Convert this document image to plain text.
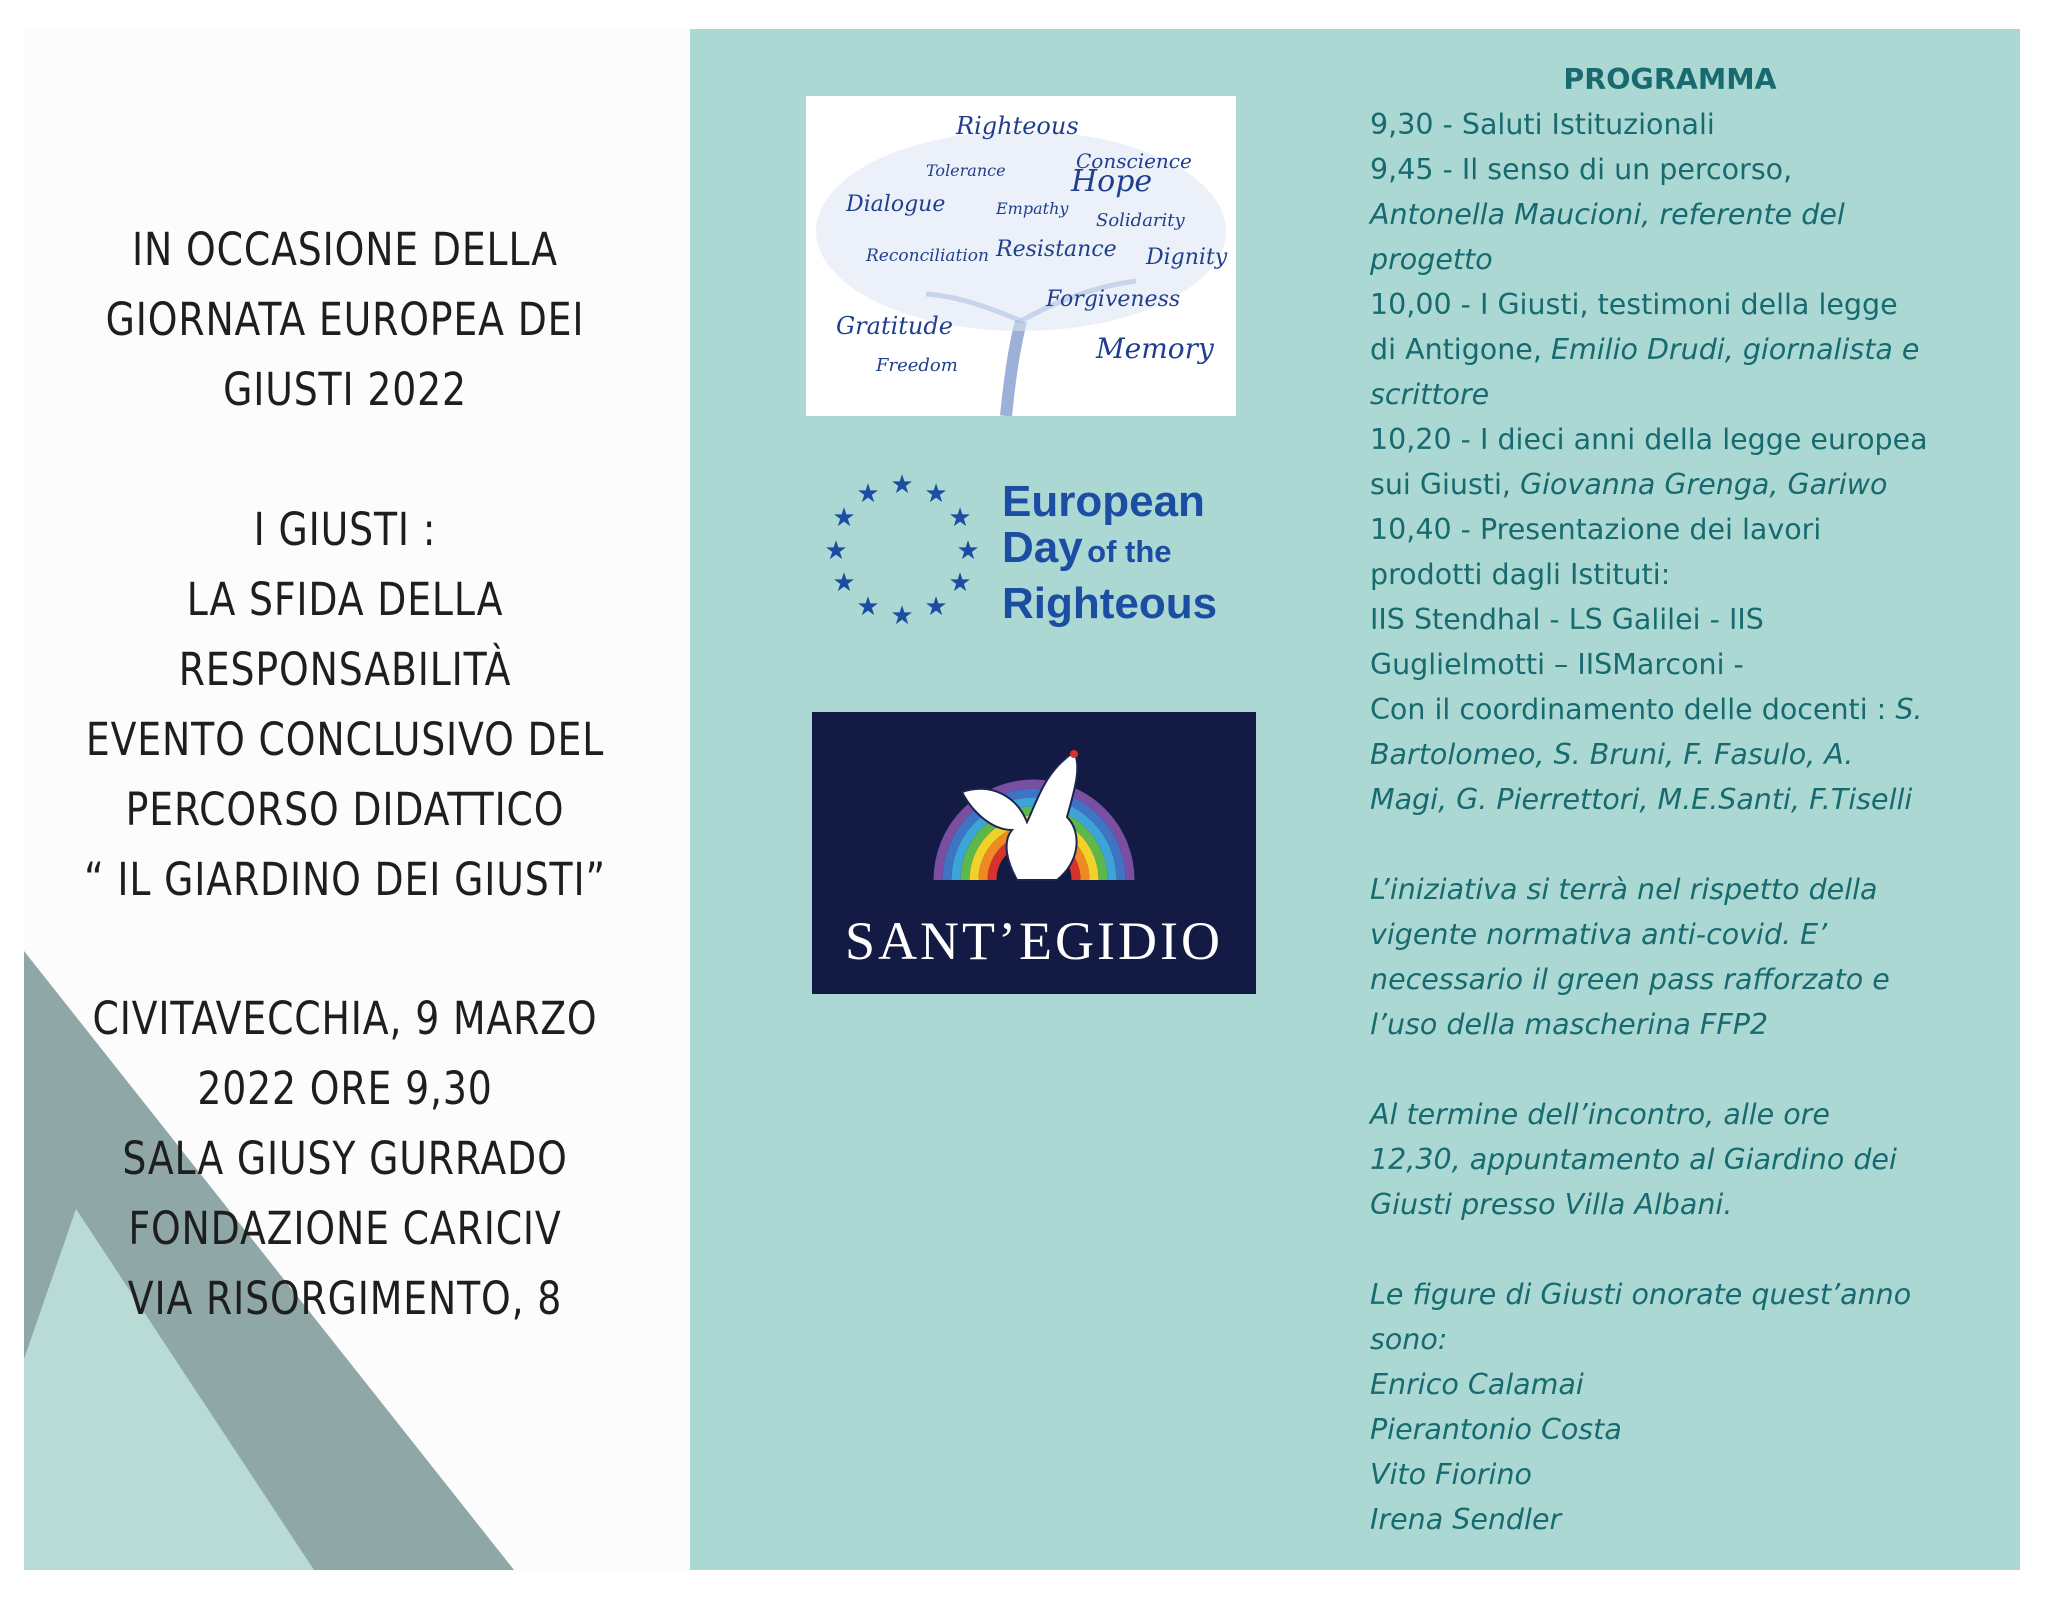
IN OCCASIONE DELLA
GIORNATA EUROPEA DEI
GIUSTI 2022
I GIUSTI :
LA SFIDA DELLA
RESPONSABILITÀ
EVENTO CONCLUSIVO DEL
PERCORSO DIDATTICO
“ IL GIARDINO DEI GIUSTI”
CIVITAVECCHIA, 9 MARZO
2022 ORE 9,30
SALA GIUSY GURRADO
FONDAZIONE CARICIV
VIA RISORGIMENTO, 8
Righteous
Hope
Dialogue
Conscience
Solidarity
Dignity
Resistance
Forgiveness
Memory
Gratitude
Freedom
Tolerance
Empathy
Reconciliation
★ ★
★
★
★
★
★
★
★
★
★
★	European
Day of the
Righteous
SANT’EGIDIO
PROGRAMMA
9,30 - Saluti Istituzionali
9,45 - Il senso di un percorso,
Antonella Maucioni, referente del
progetto
10,00 - I Giusti, testimoni della legge
di Antigone, Emilio Drudi, giornalista e
scrittore
10,20 - I dieci anni della legge europea
sui Giusti, Giovanna Grenga, Gariwo
10,40 - Presentazione dei lavori
prodotti dagli Istituti:
IIS Stendhal - LS Galilei - IIS
Guglielmotti – IISMarconi -
Con il coordinamento delle docenti : S.
Bartolomeo, S. Bruni, F. Fasulo, A.
Magi, G. Pierrettori, M.E.Santi, F.Tiselli
L’iniziativa si terrà nel rispetto della
vigente normativa anti-covid. E’
necessario il green pass rafforzato e
l’uso della mascherina FFP2
Al termine dell’incontro, alle ore
12,30, appuntamento al Giardino dei
Giusti presso Villa Albani.
Le figure di Giusti onorate quest’anno
sono:
Enrico Calamai
Pierantonio Costa
Vito Fiorino
Irena Sendler
